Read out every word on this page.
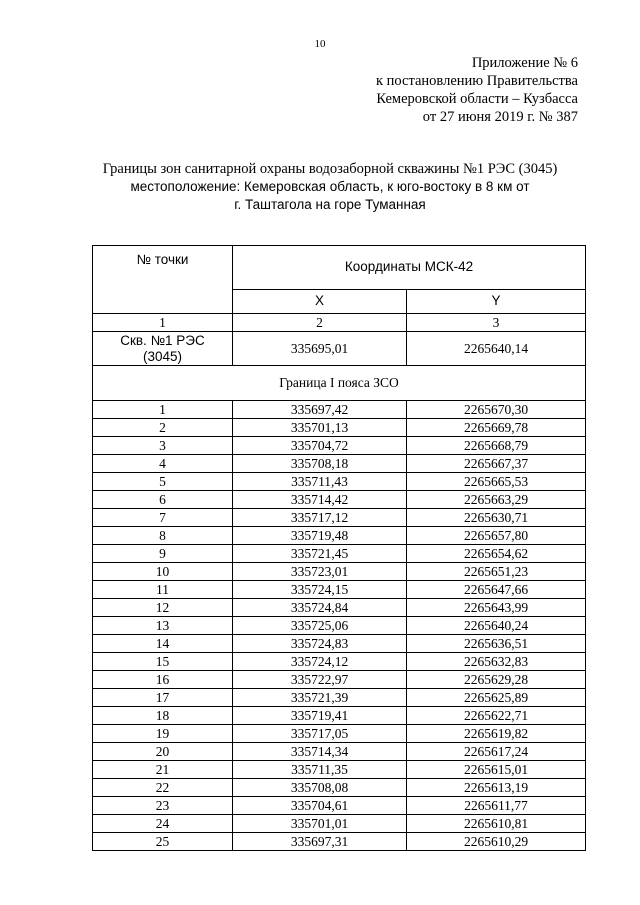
10
Приложение № 6
к постановлению Правительства
Кемеровской области – Кузбасса
от 27 июня 2019 г. № 387
Границы зон санитарной охраны водозаборной скважины №1 РЭС (3045)
местоположение: Кемеровская область, к юго-востоку в 8 км от
г. Таштагола на горе Туманная
№ точки	Координаты МСК-42	
	X	Y
1	2	3

Скв. №1 РЭС
(3045)	335695,01	2265640,14
Граница I пояса ЗСО		
1	335697,42	2265670,30
2	335701,13	2265669,78
3	335704,72	2265668,79
4	335708,18	2265667,37
5	335711,43	2265665,53
6	335714,42	2265663,29
7	335717,12	2265630,71
8	335719,48	2265657,80
9	335721,45	2265654,62
10	335723,01	2265651,23
11	335724,15	2265647,66
12	335724,84	2265643,99
13	335725,06	2265640,24
14	335724,83	2265636,51
15	335724,12	2265632,83
16	335722,97	2265629,28
17	335721,39	2265625,89
18	335719,41	2265622,71
19	335717,05	2265619,82
20	335714,34	2265617,24
21	335711,35	2265615,01
22	335708,08	2265613,19
23	335704,61	2265611,77
24	335701,01	2265610,81
25	335697,31	2265610,29
